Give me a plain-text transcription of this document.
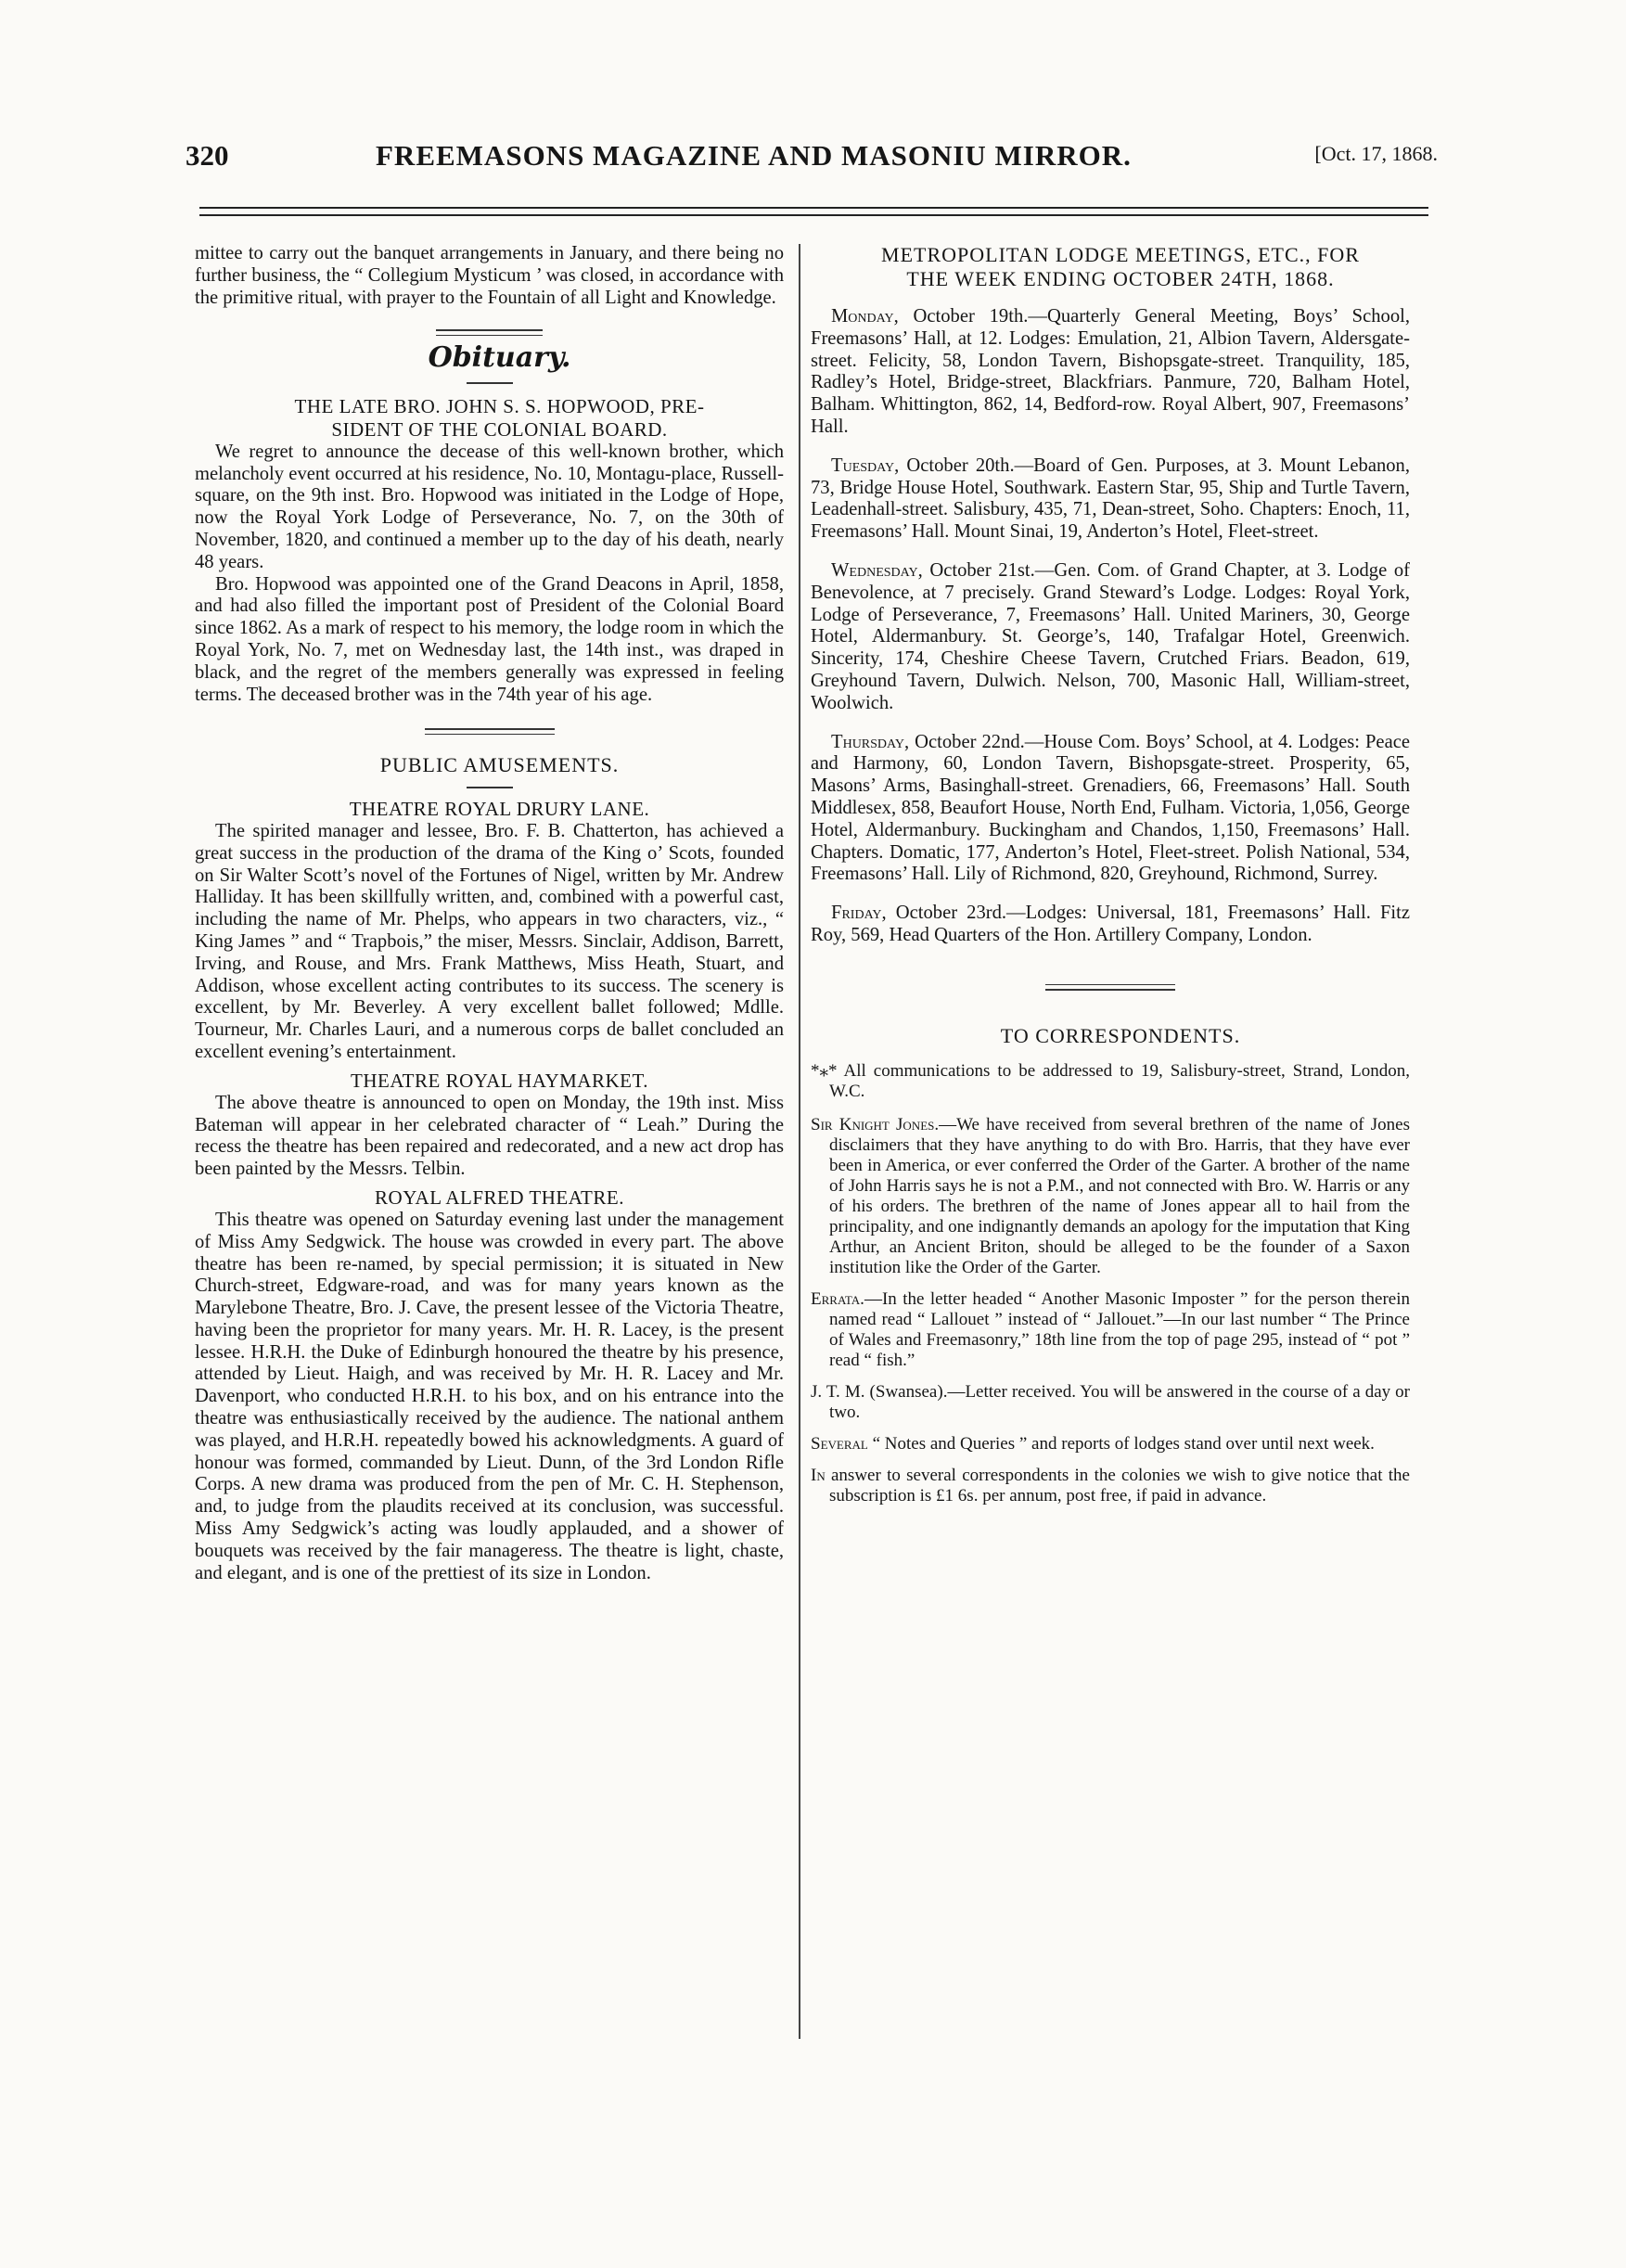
320	FREEMASONS MAGAZINE AND MASONIU MIRROR.	[Oct. 17, 1868.

mittee to carry out the banquet arrangements in January, and there being no further business, the “ Collegium Mysticum ’ was closed, in accordance with the primitive ritual, with prayer to the Fountain of all Light and Knowledge.

Obituary.

THE LATE BRO. JOHN S. S. HOPWOOD, PRE-

SIDENT OF THE COLONIAL BOARD.

We regret to announce the decease of this well-known brother, which melancholy event occurred at his residence, No. 10, Montagu-place, Russell-square, on the 9th inst. Bro. Hopwood was initiated in the Lodge of Hope, now the Royal York Lodge of Perseverance, No. 7, on the 30th of November, 1820, and continued a member up to the day of his death, nearly 48 years.

Bro. Hopwood was appointed one of the Grand Deacons in April, 1858, and had also filled the important post of President of the Colonial Board since 1862. As a mark of respect to his memory, the lodge room in which the Royal York, No. 7, met on Wednesday last, the 14th inst., was draped in black, and the regret of the members generally was expressed in feeling terms. The deceased brother was in the 74th year of his age.

PUBLIC AMUSEMENTS.

THEATRE ROYAL DRURY LANE.

The spirited manager and lessee, Bro. F. B. Chatterton, has achieved a great success in the production of the drama of the King o’ Scots, founded on Sir Walter Scott’s novel of the Fortunes of Nigel, written by Mr. Andrew Halliday. It has been skillfully written, and, combined with a powerful cast, including the name of Mr. Phelps, who appears in two characters, viz., “ King James ” and “ Trapbois,” the miser, Messrs. Sinclair, Addison, Barrett, Irving, and Rouse, and Mrs. Frank Matthews, Miss Heath, Stuart, and Addison, whose excellent acting contributes to its success. The scenery is excellent, by Mr. Beverley. A very excellent ballet followed; Mdlle. Tourneur, Mr. Charles Lauri, and a numerous corps de ballet concluded an excellent evening’s entertainment.

THEATRE ROYAL HAYMARKET.

The above theatre is announced to open on Monday, the 19th inst. Miss Bateman will appear in her celebrated character of “ Leah.” During the recess the theatre has been repaired and redecorated, and a new act drop has been painted by the Messrs. Telbin.

ROYAL ALFRED THEATRE.

This theatre was opened on Saturday evening last under the management of Miss Amy Sedgwick. The house was crowded in every part. The above theatre has been re-named, by special permission; it is situated in New Church-street, Edgware-road, and was for many years known as the Marylebone Theatre, Bro. J. Cave, the present lessee of the Victoria Theatre, having been the proprietor for many years. Mr. H. R. Lacey, is the present lessee. H.R.H. the Duke of Edinburgh honoured the theatre by his presence, attended by Lieut. Haigh, and was received by Mr. H. R. Lacey and Mr. Davenport, who conducted H.R.H. to his box, and on his entrance into the theatre was enthusiastically received by the audience. The national anthem was played, and H.R.H. repeatedly bowed his acknowledgments. A guard of honour was formed, commanded by Lieut. Dunn, of the 3rd London Rifle Corps. A new drama was produced from the pen of Mr. C. H. Stephenson, and, to judge from the plaudits received at its conclusion, was successful. Miss Amy Sedgwick’s acting was loudly applauded, and a shower of bouquets was received by the fair manageress. The theatre is light, chaste, and elegant, and is one of the prettiest of its size in London.

METROPOLITAN LODGE MEETINGS, ETC., FOR

THE WEEK ENDING OCTOBER 24TH, 1868.

Monday, October 19th.—Quarterly General Meeting, Boys’ School, Freemasons’ Hall, at 12. Lodges: Emulation, 21, Albion Tavern, Aldersgate-street. Felicity, 58, London Tavern, Bishopsgate-street. Tranquility, 185, Radley’s Hotel, Bridge-street, Blackfriars. Panmure, 720, Balham Hotel, Balham. Whittington, 862, 14, Bedford-row. Royal Albert, 907, Freemasons’ Hall.

Tuesday, October 20th.—Board of Gen. Purposes, at 3. Mount Lebanon, 73, Bridge House Hotel, Southwark. Eastern Star, 95, Ship and Turtle Tavern, Leadenhall-street. Salisbury, 435, 71, Dean-street, Soho. Chapters: Enoch, 11, Freemasons’ Hall. Mount Sinai, 19, Anderton’s Hotel, Fleet-street.

Wednesday, October 21st.—Gen. Com. of Grand Chapter, at 3. Lodge of Benevolence, at 7 precisely. Grand Steward’s Lodge. Lodges: Royal York, Lodge of Perseverance, 7, Freemasons’ Hall. United Mariners, 30, George Hotel, Aldermanbury. St. George’s, 140, Trafalgar Hotel, Greenwich. Sincerity, 174, Cheshire Cheese Tavern, Crutched Friars. Beadon, 619, Greyhound Tavern, Dulwich. Nelson, 700, Masonic Hall, William-street, Woolwich.

Thursday, October 22nd.—House Com. Boys’ School, at 4. Lodges: Peace and Harmony, 60, London Tavern, Bishopsgate-street. Prosperity, 65, Masons’ Arms, Basinghall-street. Grenadiers, 66, Freemasons’ Hall. South Middlesex, 858, Beaufort House, North End, Fulham. Victoria, 1,056, George Hotel, Aldermanbury. Buckingham and Chandos, 1,150, Freemasons’ Hall. Chapters. Domatic, 177, Anderton’s Hotel, Fleet-street. Polish National, 534, Freemasons’ Hall. Lily of Richmond, 820, Greyhound, Richmond, Surrey.

Friday, October 23rd.—Lodges: Universal, 181, Freemasons’ Hall. Fitz Roy, 569, Head Quarters of the Hon. Artillery Company, London.

TO CORRESPONDENTS.

*⁎* All communications to be addressed to 19, Salisbury-street, Strand, London, W.C.

Sir Knight Jones.—We have received from several brethren of the name of Jones disclaimers that they have anything to do with Bro. Harris, that they have ever been in America, or ever conferred the Order of the Garter. A brother of the name of John Harris says he is not a P.M., and not connected with Bro. W. Harris or any of his orders. The brethren of the name of Jones appear all to hail from the principality, and one indignantly demands an apology for the imputation that King Arthur, an Ancient Briton, should be alleged to be the founder of a Saxon institution like the Order of the Garter.

Errata.—In the letter headed “ Another Masonic Imposter ” for the person therein named read “ Lallouet ” instead of “ Jallouet.”—In our last number “ The Prince of Wales and Freemasonry,” 18th line from the top of page 295, instead of “ pot ” read “ fish.”

J. T. M. (Swansea).—Letter received. You will be answered in the course of a day or two.

Several “ Notes and Queries ” and reports of lodges stand over until next week.

In answer to several correspondents in the colonies we wish to give notice that the subscription is £1 6s. per annum, post free, if paid in advance.
